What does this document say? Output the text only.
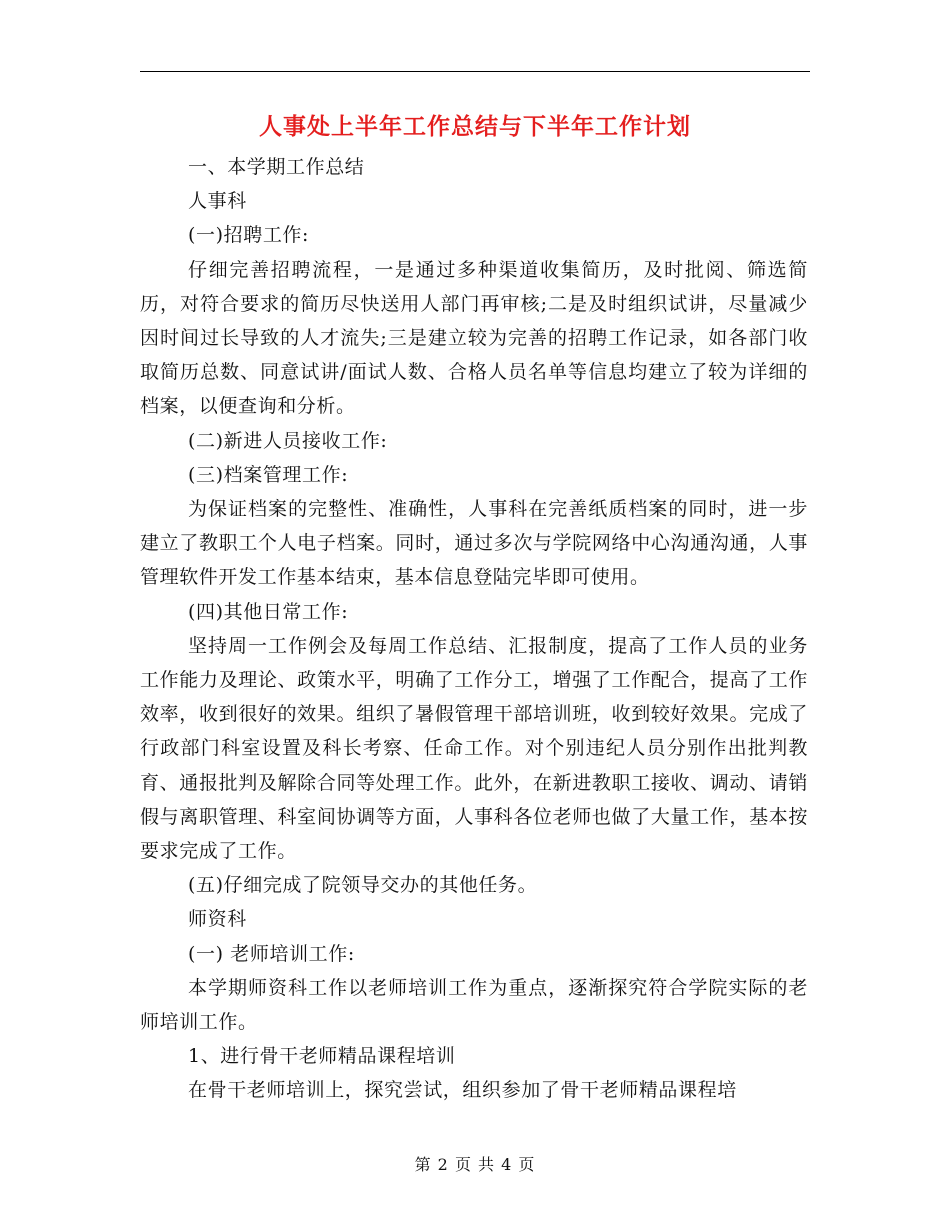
人事处上半年工作总结与下半年工作计划

一、本学期工作总结

人事科

(一)招聘工作:

仔细完善招聘流程，一是通过多种渠道收集简历，及时批阅、筛选简历，对符合要求的简历尽快送用人部门再审核;二是及时组织试讲，尽量减少因时间过长导致的人才流失;三是建立较为完善的招聘工作记录，如各部门收取简历总数、同意试讲/面试人数、合格人员名单等信息均建立了较为详细的档案，以便查询和分析。

(二)新进人员接收工作:

(三)档案管理工作:

为保证档案的完整性、准确性，人事科在完善纸质档案的同时，进一步建立了教职工个人电子档案。同时，通过多次与学院网络中心沟通沟通，人事管理软件开发工作基本结束，基本信息登陆完毕即可使用。

(四)其他日常工作:

坚持周一工作例会及每周工作总结、汇报制度，提高了工作人员的业务工作能力及理论、政策水平，明确了工作分工，增强了工作配合，提高了工作效率，收到很好的效果。组织了暑假管理干部培训班，收到较好效果。完成了行政部门科室设置及科长考察、任命工作。对个别违纪人员分别作出批判教育、通报批判及解除合同等处理工作。此外，在新进教职工接收、调动、请销假与离职管理、科室间协调等方面，人事科各位老师也做了大量工作，基本按要求完成了工作。

(五)仔细完成了院领导交办的其他任务。

师资科

(一) 老师培训工作:

本学期师资科工作以老师培训工作为重点，逐渐探究符合学院实际的老师培训工作。

1、进行骨干老师精品课程培训

在骨干老师培训上，探究尝试，组织参加了骨干老师精品课程培

第 2 页 共 4 页
